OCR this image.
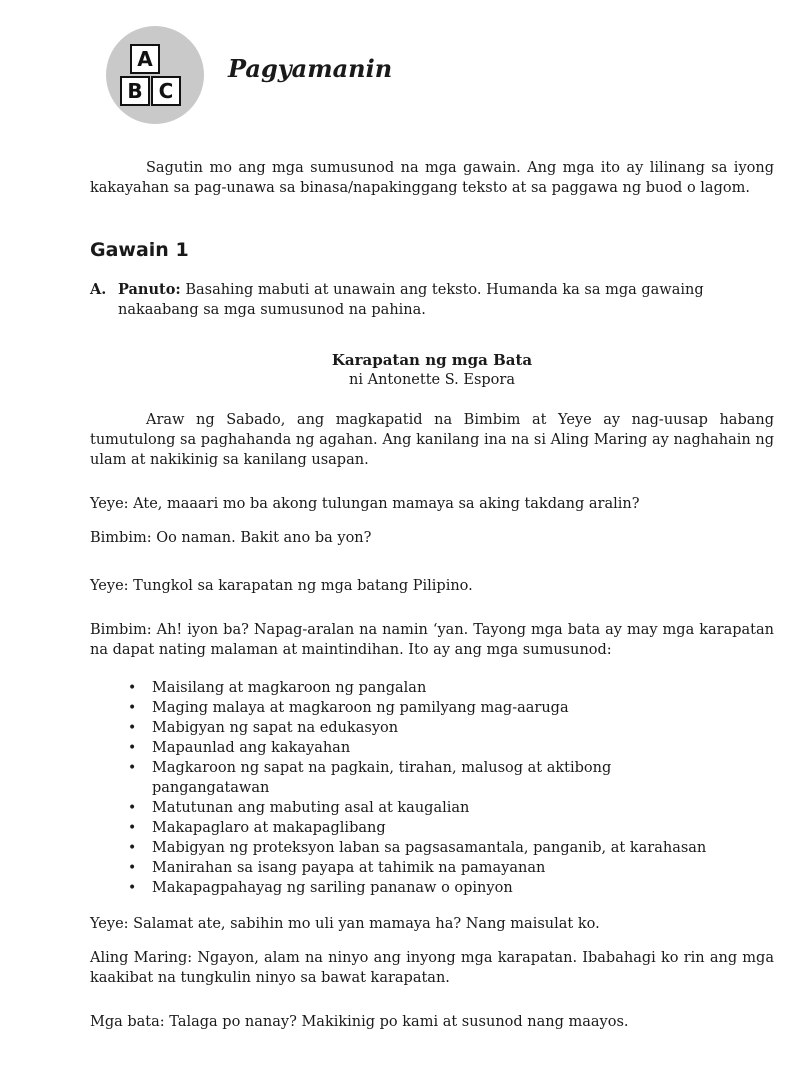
A
B C
Pagyamanin

Sagutin mo ang mga sumusunod na mga gawain. Ang mga ito ay lilinang sa iyong kakayahan sa pag-unawa sa binasa/napakinggang teksto at sa paggawa ng buod o lagom.

Gawain 1
A. Panuto: Basahing mabuti at unawain ang teksto. Humanda ka sa mga gawaing nakaabang sa mga sumusunod na pahina.
Karapatan ng mga Bata
ni Antonette S. Espora

Araw ng Sabado, ang magkapatid na Bimbim at Yeye ay nag-uusap habang tumutulong sa paghahanda ng agahan. Ang kanilang ina na si Aling Maring ay naghahain ng ulam at nakikinig sa kanilang usapan.

Yeye: Ate, maaari mo ba akong tulungan mamaya sa aking takdang aralin?

Bimbim: Oo naman. Bakit ano ba yon?

Yeye: Tungkol sa karapatan ng mga batang Pilipino.

Bimbim: Ah! iyon ba? Napag-aralan na namin ‘yan. Tayong mga bata ay may mga karapatan na dapat nating malaman at maintindihan. Ito ay ang mga sumusunod:

• Maisilang at magkaroon ng pangalan
• Maging malaya at magkaroon ng pamilyang mag-aaruga
• Mabigyan ng sapat na edukasyon
• Mapaunlad ang kakayahan
• Magkaroon ng sapat na pagkain, tirahan, malusog at aktibong pangangatawan
• Matutunan ang mabuting asal at kaugalian
• Makapaglaro at makapaglibang
• Mabigyan ng proteksyon laban sa pagsasamantala, panganib, at karahasan
• Manirahan sa isang payapa at tahimik na pamayanan
• Makapagpahayag ng sariling pananaw o opinyon

Yeye: Salamat ate, sabihin mo uli yan mamaya ha? Nang maisulat ko.

Aling Maring: Ngayon, alam na ninyo ang inyong mga karapatan. Ibabahagi ko rin ang mga kaakibat na tungkulin ninyo sa bawat karapatan.

Mga bata: Talaga po nanay? Makikinig po kami at susunod nang maayos.
